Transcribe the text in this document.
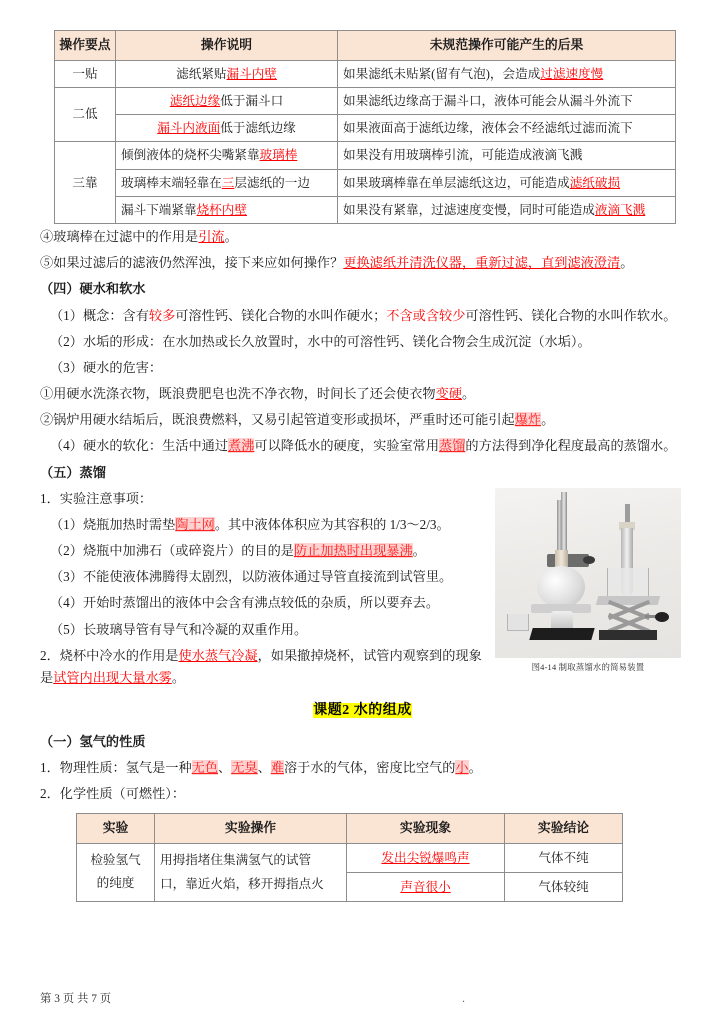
操作要点	操作说明	未规范操作可能产生的后果
一贴	滤纸紧贴漏斗内壁	如果滤纸未贴紧(留有气泡)，会造成过滤速度慢
二低	滤纸边缘低于漏斗口	如果滤纸边缘高于漏斗口，液体可能会从漏斗外流下
	漏斗内液面低于滤纸边缘	如果液面高于滤纸边缘，液体会不经滤纸过滤而流下
三靠	倾倒液体的烧杯尖嘴紧靠玻璃棒	如果没有用玻璃棒引流，可能造成液滴飞溅
	玻璃棒末端轻靠在三层滤纸的一边	如果玻璃棒靠在单层滤纸这边，可能造成滤纸破损
	漏斗下端紧靠烧杯内壁	如果没有紧靠，过滤速度变慢，同时可能造成液滴飞溅

④玻璃棒在过滤中的作用是引流。

⑤如果过滤后的滤液仍然浑浊，接下来应如何操作？更换滤纸并清洗仪器，重新过滤，直到滤液澄清。

（四）硬水和软水

（1）概念：含有较多可溶性钙、镁化合物的水叫作硬水；不含或含较少可溶性钙、镁化合物的水叫作软水。

（2）水垢的形成：在水加热或长久放置时，水中的可溶性钙、镁化合物会生成沉淀（水垢）。

（3）硬水的危害：

①用硬水洗涤衣物，既浪费肥皂也洗不净衣物，时间长了还会使衣物变硬。

②锅炉用硬水结垢后，既浪费燃料，又易引起管道变形或损坏，严重时还可能引起爆炸。

（4）硬水的软化：生活中通过煮沸可以降低水的硬度，实验室常用蒸馏的方法得到净化程度最高的蒸馏水。

（五）蒸馏

图4-14 制取蒸馏水的简易装置

1．实验注意事项：

（1）烧瓶加热时需垫陶土网。其中液体体积应为其容积的 1/3～2/3。

（2）烧瓶中加沸石（或碎瓷片）的目的是防止加热时出现暴沸。

（3）不能使液体沸腾得太剧烈，以防液体通过导管直接流到试管里。

（4）开始时蒸馏出的液体中会含有沸点较低的杂质，所以要弃去。

（5）长玻璃导管有导气和冷凝的双重作用。

2．烧杯中冷水的作用是使水蒸气冷凝，如果撤掉烧杯，试管内观察到的现象是试管内出现大量水雾。

课题2 水的组成

（一）氢气的性质

1．物理性质：氢气是一种无色、无臭、难溶于水的气体，密度比空气的小。

2．化学性质（可燃性）：

实验	实验操作	实验现象	实验结论
检验氢气
的纯度	用拇指堵住集满氢气的试管
口，靠近火焰，移开拇指点火	发出尖锐爆鸣声	气体不纯
		声音很小	气体较纯
第 3 页 共 7 页	.
